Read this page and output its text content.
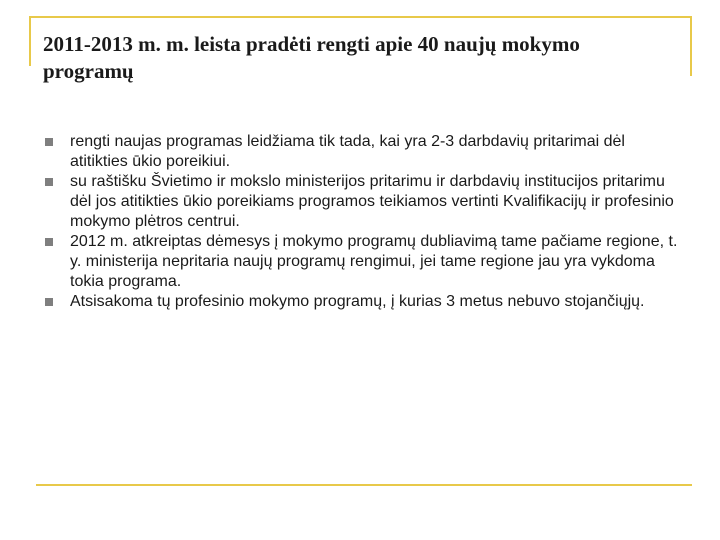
2011-2013 m. m. leista pradėti rengti apie 40 naujų mokymo programų
rengti naujas programas leidžiama tik tada, kai yra 2-3 darbdavių pritarimai dėl atitikties ūkio poreikiui.
su raštišku Švietimo ir mokslo ministerijos pritarimu ir darbdavių institucijos pritarimu dėl jos atitikties ūkio poreikiams programos teikiamos vertinti Kvalifikacijų ir profesinio mokymo plėtros centrui.
2012 m. atkreiptas dėmesys į mokymo programų dubliavimą tame pačiame regione, t. y. ministerija nepritaria naujų programų rengimui, jei tame regione jau yra vykdoma tokia programa.
Atsisakoma tų profesinio mokymo programų, į kurias 3 metus nebuvo stojančiųjų.
